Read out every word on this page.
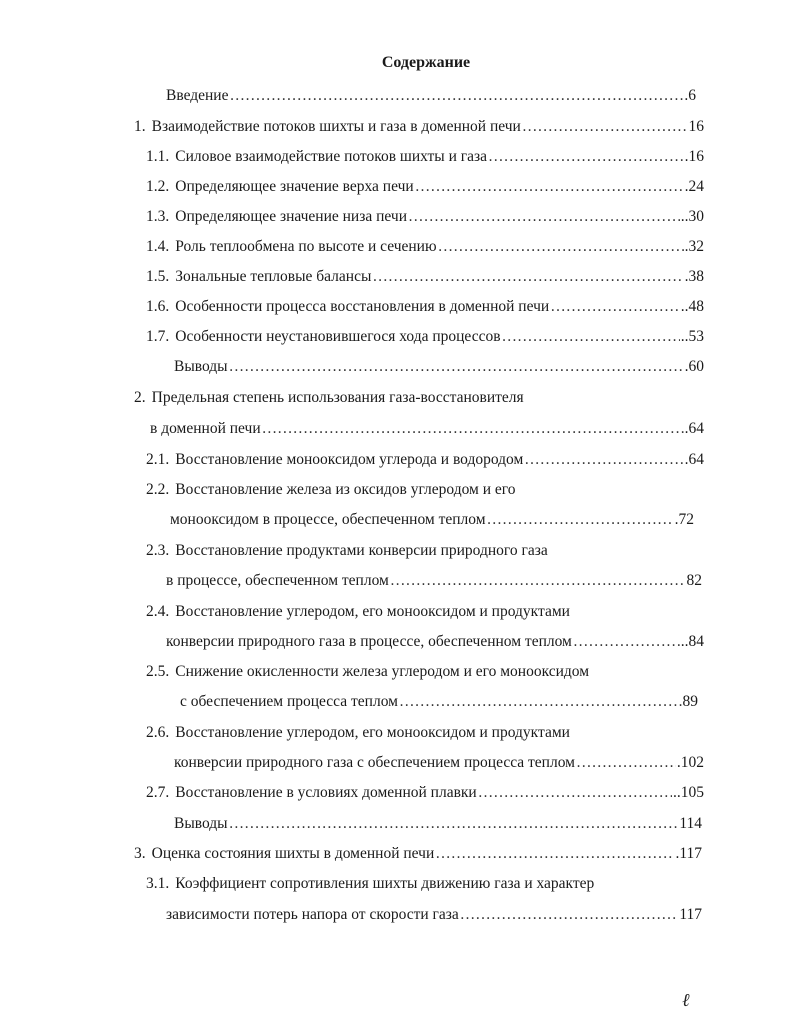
Содержание
Введение ……………………………………………………………………………………………………………………………………………………………………	.6
1. Взаимодействие потоков шихты и газа в доменной печи ……………………………………………………………………………………………………………………………………………………………………	16
1.1. Силовое взаимодействие потоков шихты и газа ……………………………………………………………………………………………………………………………………………………………………	.16
1.2. Определяющее значение верха печи ……………………………………………………………………………………………………………………………………………………………………	.24
1.3. Определяющее значение низа печи ……………………………………………………………………………………………………………………………………………………………………	..30
1.4. Роль теплообмена по высоте и сечению ……………………………………………………………………………………………………………………………………………………………………	.32
1.5. Зональные тепловые балансы ……………………………………………………………………………………………………………………………………………………………………	.38
1.6. Особенности процесса восстановления в доменной печи ……………………………………………………………………………………………………………………………………………………………………	..48
1.7. Особенности неустановившегося хода процессов ……………………………………………………………………………………………………………………………………………………………………	..53
Выводы ……………………………………………………………………………………………………………………………………………………………………	.60
2. Предельная степень использования газа-восстановителя
в доменной печи ……………………………………………………………………………………………………………………………………………………………………	.64
2.1. Восстановление монооксидом углерода и водородом ……………………………………………………………………………………………………………………………………………………………………	.64
2.2. Восстановление железа из оксидов углеродом и его
монооксидом в процессе, обеспеченном теплом ……………………………………………………………………………………………………………………………………………………………………	.72
2.3. Восстановление продуктами конверсии природного газа
в процессе, обеспеченном теплом ……………………………………………………………………………………………………………………………………………………………………	82
2.4. Восстановление углеродом, его монооксидом и продуктами
конверсии природного газа в процессе, обеспеченном теплом ……………………………………………………………………………………………………………………………………………………………………	..84
2.5. Снижение окисленности железа углеродом и его монооксидом
с обеспечением процесса теплом ……………………………………………………………………………………………………………………………………………………………………	89
2.6. Восстановление углеродом, его монооксидом и продуктами
конверсии природного газа с обеспечением процесса теплом ……………………………………………………………………………………………………………………………………………………………………	.102
2.7. Восстановление в условиях доменной плавки ……………………………………………………………………………………………………………………………………………………………………	..105
Выводы ……………………………………………………………………………………………………………………………………………………………………	114
3. Оценка состояния шихты в доменной печи ……………………………………………………………………………………………………………………………………………………………………	.117
3.1. Коэффициент сопротивления шихты движению газа и характер
зависимости потерь напора от скорости газа ……………………………………………………………………………………………………………………………………………………………………	117
ℓ
